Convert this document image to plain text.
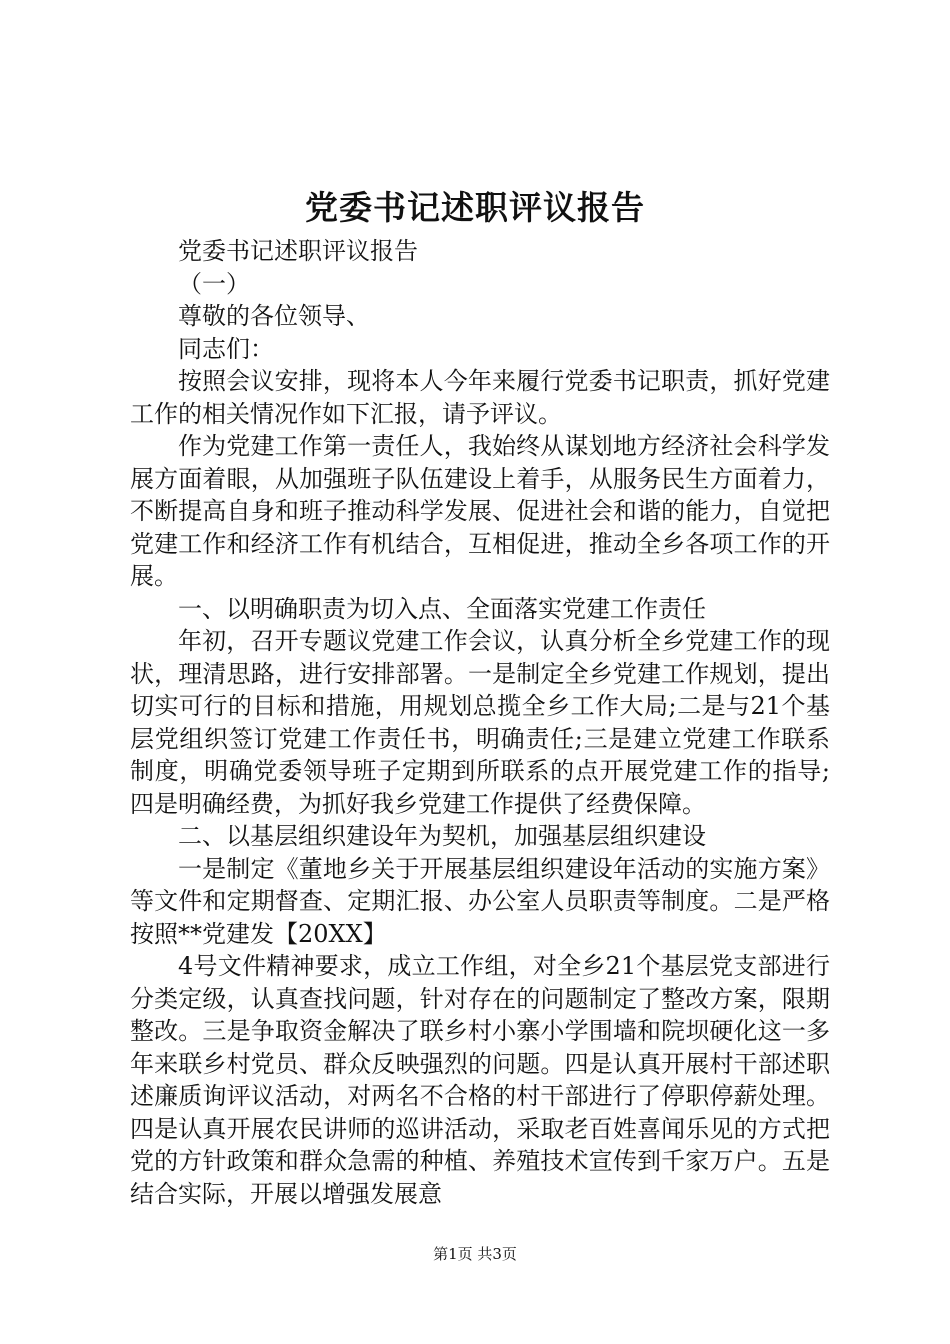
党委书记述职评议报告

党委书记述职评议报告

（一）

尊敬的各位领导、

同志们：

按照会议安排，现将本人今年来履行党委书记职责，抓好党建工作的相关情况作如下汇报，请予评议。

作为党建工作第一责任人，我始终从谋划地方经济社会科学发展方面着眼，从加强班子队伍建设上着手，从服务民生方面着力，不断提高自身和班子推动科学发展、促进社会和谐的能力，自觉把党建工作和经济工作有机结合，互相促进，推动全乡各项工作的开展。

一、以明确职责为切入点、全面落实党建工作责任

年初，召开专题议党建工作会议，认真分析全乡党建工作的现状，理清思路，进行安排部署。一是制定全乡党建工作规划，提出切实可行的目标和措施，用规划总揽全乡工作大局;二是与21个基层党组织签订党建工作责任书，明确责任;三是建立党建工作联系制度，明确党委领导班子定期到所联系的点开展党建工作的指导;四是明确经费，为抓好我乡党建工作提供了经费保障。

二、以基层组织建设年为契机，加强基层组织建设

一是制定《董地乡关于开展基层组织建设年活动的实施方案》等文件和定期督查、定期汇报、办公室人员职责等制度。二是严格按照**党建发【20XX】

4号文件精神要求，成立工作组，对全乡21个基层党支部进行分类定级，认真查找问题，针对存在的问题制定了整改方案，限期整改。三是争取资金解决了联乡村小寨小学围墙和院坝硬化这一多年来联乡村党员、群众反映强烈的问题。四是认真开展村干部述职述廉质询评议活动，对两名不合格的村干部进行了停职停薪处理。四是认真开展农民讲师的巡讲活动，采取老百姓喜闻乐见的方式把党的方针政策和群众急需的种植、养殖技术宣传到千家万户。五是结合实际，开展以增强发展意

第1页 共3页
